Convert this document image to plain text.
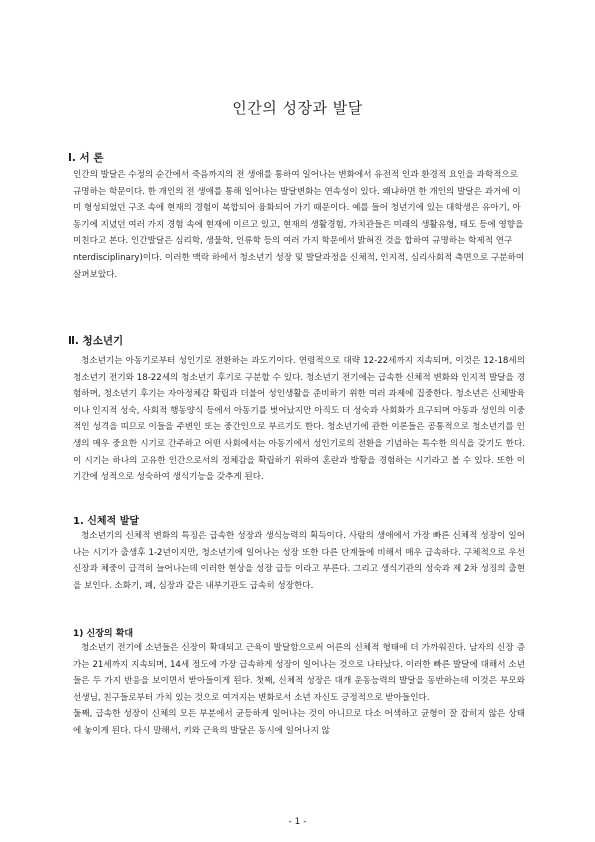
인간의 성장과 발달
Ⅰ. 서 론

인간의 발달은 수정의 순간에서 죽음까지의 전 생애를 통하여 일어나는 변화에서 유전적 인과 환경적 요인을 과학적으로 규명하는 학문이다. 한 개인의 전 생애를 통해 일어나는 발달변화는 연속성이 있다. 왜냐하면 한 개인의 발달은 과거에 이미 형성되었던 구조 속에 현재의 경험이 복합되어 융화되어 가기 때문이다. 예를 들어 청년기에 있는 대학생은 유아기, 아동기에 지녔던 여러 가지 경험 속에 현재에 이르고 있고, 현재의 생활경험, 가치관들은 미래의 생활유형, 태도 등에 영향을 미친다고 본다. 인간발달은 심리학, 생물학, 인류학 등의 여러 가지 학문에서 밝혀진 것을 합하여 규명하는 학제적 연구nterdisciplinary)이다. 이러한 맥락 하에서 청소년기 성장 및 발달과정을 신체적, 인지적, 심리사회적 측면으로 구분하여 살펴보았다.

Ⅱ. 청소년기

청소년기는 아동기로부터 성인기로 전환하는 과도기이다. 연령적으로 대략 12-22세까지 지속되며, 이것은 12-18세의 청소년기 전기와 18-22세의 청소년기 후기로 구분할 수 있다. 청소년기 전기에는 급속한 신체적 변화와 인지적 발달을 경험하며, 청소년기 후기는 자아정체감 확립과 더불어 성인생활을 준비하기 위한 여러 과제에 집중한다. 청소년은 신체발육이나 인지적 성숙, 사회적 행동양식 등에서 아동기를 벗어났지만 아직도 더 성숙과 사회화가 요구되며 아동과 성인의 이중적인 성격을 띠므로 이들을 주변인 또는 중간인으로 부르기도 한다. 청소년기에 관한 이론들은 공통적으로 청소년기를 인생의 매우 중요한 시기로 간주하고 어떤 사회에서는 아동기에서 성인기로의 전환을 기념하는 특수한 의식을 갖기도 한다. 이 시기는 하나의 고유한 인간으로서의 정체감을 확립하기 위하여 혼란과 방황을 경험하는 시기라고 볼 수 있다. 또한 이 기간에 성적으로 성숙하여 생식기능을 갖추게 된다.

1. 신체적 발달

청소년기의 신체적 변화의 특징은 급속한 성장과 생식능력의 획득이다. 사람의 생애에서 가장 빠른 신체적 성장이 일어나는 시기가 출생후 1-2년이지만, 청소년기에 일어나는 성장 또한 다른 단계들에 비해서 매우 급속하다. 구체적으로 우선 신장과 체중이 급격히 늘어나는데 이러한 현상을 성장 급등 이라고 부른다. 그리고 생식기관의 성숙과 제 2차 성징의 출현을 보인다. 소화기, 폐, 심장과 같은 내부기관도 급속히 성장한다.

1) 신장의 확대

청소년기 전기에 소년들은 신장이 확대되고 근육이 발달함으로써 어른의 신체적 형태에 더 가까워진다. 남자의 신장 증가는 21세까지 지속되며, 14세 정도에 가장 급속하게 성장이 일어나는 것으로 나타났다. 이러한 빠른 발달에 대해서 소년들은 두 가지 반응을 보이면서 받아들이게 된다. 첫째, 신체적 성장은 대개 운동능력의 발달을 동반하는데 이것은 부모와 선생님, 친구들로부터 가치 있는 것으로 여겨지는 변화로서 소년 자신도 긍정적으로 받아들인다.

둘째, 급속한 성장이 신체의 모든 부분에서 균등하게 일어나는 것이 아니므로 다소 어색하고 균형이 잘 잡히지 않은 상태에 놓이게 된다. 다시 말해서, 키와 근육의 발달은 동시에 일어나지 않

- 1 -
